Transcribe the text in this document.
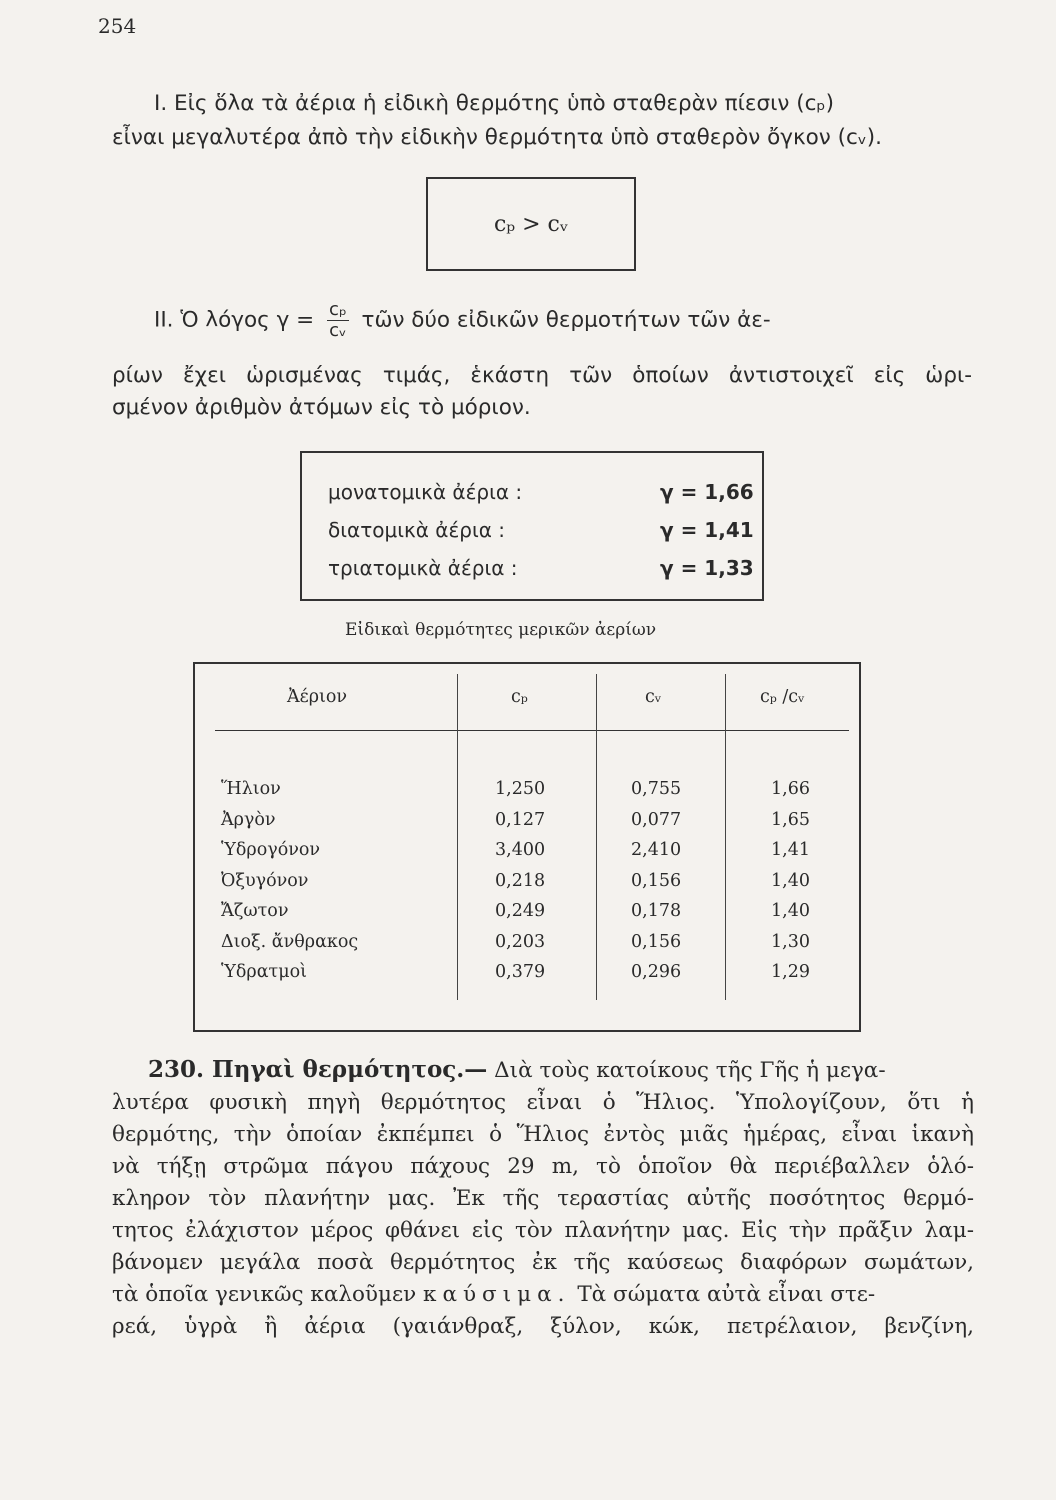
254
I. Εἰς ὅλα τὰ ἀέρια ἡ εἰδικὴ θερμότης ὑπὸ σταθερὰν πίεσιν (cₚ)
εἶναι μεγαλυτέρα ἀπὸ τὴν εἰδικὴν θερμότητα ὑπὸ σταθερὸν ὄγκον (cᵥ).
cₚ > cᵥ
II. Ὁ λόγος $\gamma = \frac{\text{cₚ}}{\text{cᵥ}}$ τῶν δύο εἰδικῶν θερμοτήτων τῶν ἀε-
ρίων ἔχει ὡρισμένας τιμάς, ἑκάστη τῶν ὁποίων ἀντιστοιχεῖ εἰς ὡρι-
σμένον ἀριθμὸν ἀτόμων εἰς τὸ μόριον.
μονατομικὰ ἀέρια :	γ = 1,66
διατομικὰ ἀέρια :	γ = 1,41
τριατομικὰ ἀέρια :	γ = 1,33
Εἰδικαὶ θερμότητες μερικῶν ἀερίων
Ἀέριον	cₚ	cᵥ	cₚ /cᵥ
Ἥλιον	1,250	0,755	1,66
Ἀργὸν	0,127	0,077	1,65
Ὑδρογόνον	3,400	2,410	1,41
Ὀξυγόνον	0,218	0,156	1,40
Ἄζωτον	0,249	0,178	1,40
Διοξ. ἄνθρακος	0,203	0,156	1,30
Ὑδρατμοὶ	0,379	0,296	1,29
230. Πηγαὶ θερμότητος.— Διὰ τοὺς κατοίκους τῆς Γῆς ἡ μεγα-
λυτέρα φυσικὴ πηγὴ θερμότητος εἶναι ὁ Ἥλιος. Ὑπολογίζουν, ὅτι ἡ
θερμότης, τὴν ὁποίαν ἐκπέμπει ὁ Ἥλιος ἐντὸς μιᾶς ἡμέρας, εἶναι ἱκανὴ
νὰ τήξῃ στρῶμα πάγου πάχους 29 m, τὸ ὁποῖον θὰ περιέβαλλεν ὁλό-
κληρον τὸν πλανήτην μας. Ἐκ τῆς τεραστίας αὐτῆς ποσότητος θερμό-
τητος ἐλάχιστον μέρος φθάνει εἰς τὸν πλανήτην μας. Εἰς τὴν πρᾶξιν λαμ-
βάνομεν μεγάλα ποσὰ θερμότητος ἐκ τῆς καύσεως διαφόρων σωμάτων,
τὰ ὁποῖα γενικῶς καλοῦμεν καύσιμα. Τὰ σώματα αὐτὰ εἶναι στε-
ρεά, ὑγρὰ ἢ ἀέρια (γαιάνθραξ, ξύλον, κώκ, πετρέλαιον, βενζίνη,
